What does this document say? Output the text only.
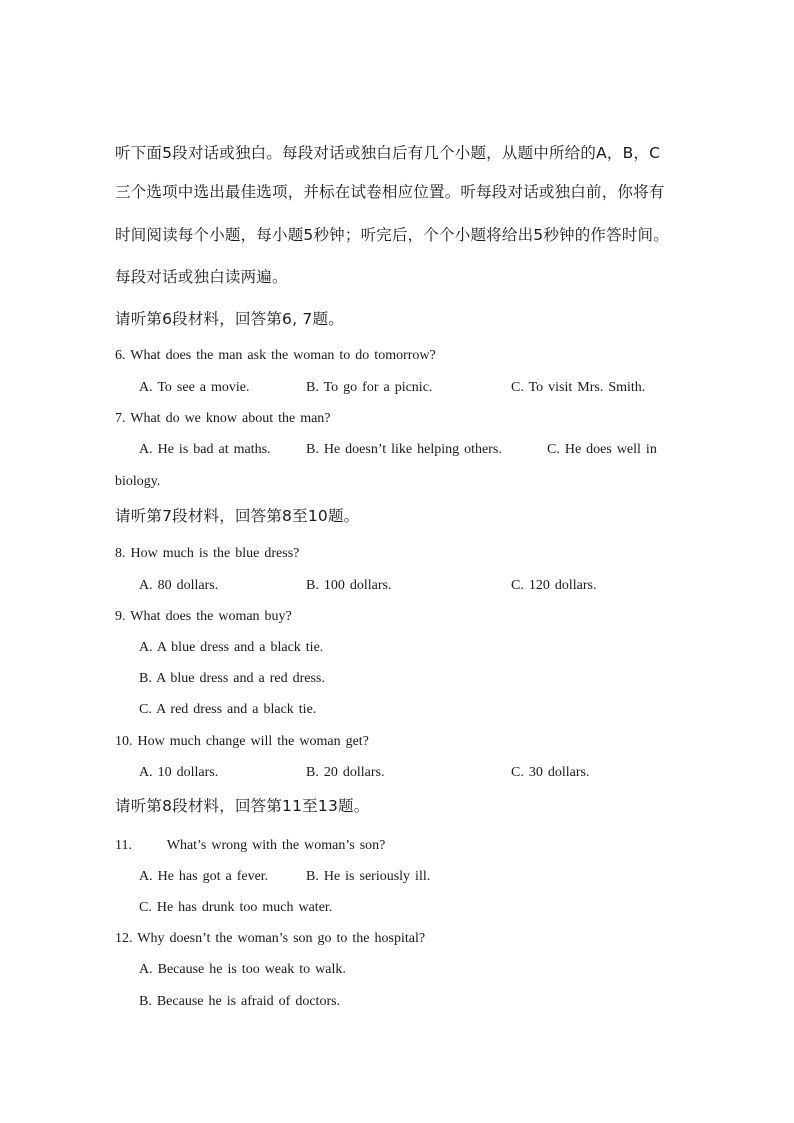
听下面5段对话或独白。每段对话或独白后有几个小题，从题中所给的A，B，C
三个选项中选出最佳选项，并标在试卷相应位置。听每段对话或独白前，你将有
时间阅读每个小题，每小题5秒钟；听完后，个个小题将给出5秒钟的作答时间。
每段对话或独白读两遍。
请听第6段材料，回答第6, 7题。
6. What does the man ask the woman to do tomorrow?
A. To see a movie.	B. To go for a picnic.	C. To visit Mrs. Smith.
7. What do we know about the man?
A. He is bad at maths.	B. He doesn’t like helping others.	C. He does well in
biology.
请听第7段材料，回答第8至10题。
8. How much is the blue dress?
A. 80 dollars.	B. 100 dollars.	C. 120 dollars.
9. What does the woman buy?
A. A blue dress and a black tie.
B. A blue dress and a red dress.
C. A red dress and a black tie.
10. How much change will the woman get?
A. 10 dollars.	B. 20 dollars.	C. 30 dollars.
请听第8段材料，回答第11至13题。
11.       What’s wrong with the woman’s son?
A. He has got a fever.	B. He is seriously ill.
C. He has drunk too much water.
12. Why doesn’t the woman’s son go to the hospital?
A. Because he is too weak to walk.
B. Because he is afraid of doctors.
